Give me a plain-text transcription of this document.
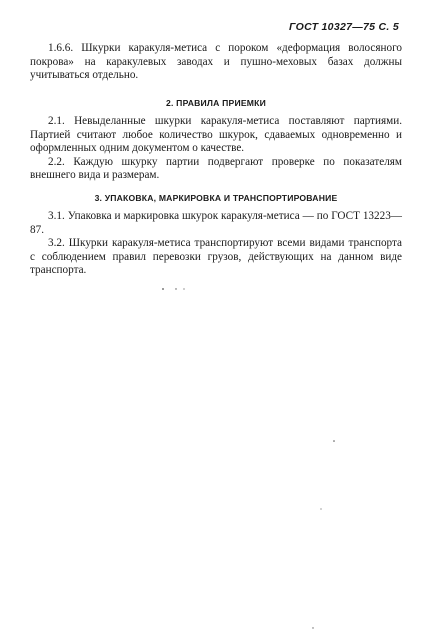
ГОСТ 10327—75 С. 5

1.6.6. Шкурки каракуля-метиса с пороком «деформация волосяного покрова» на каракулевых заводах и пушно-меховых базах должны учитываться отдельно.

2. ПРАВИЛА ПРИЕМКИ

2.1. Невыделанные шкурки каракуля-метиса поставляют партиями. Партией считают любое количество шкурок, сдаваемых одновременно и оформленных одним документом о качестве.

2.2. Каждую шкурку партии подвергают проверке по показателям внешнего вида и размерам.

3. УПАКОВКА, МАРКИРОВКА И ТРАНСПОРТИРОВАНИЕ

3.1. Упаковка и маркировка шкурок каракуля-метиса — по ГОСТ 13223—87.

3.2. Шкурки каракуля-метиса транспортируют всеми видами транспорта с соблюдением правил перевозки грузов, действующих на данном виде транспорта.
